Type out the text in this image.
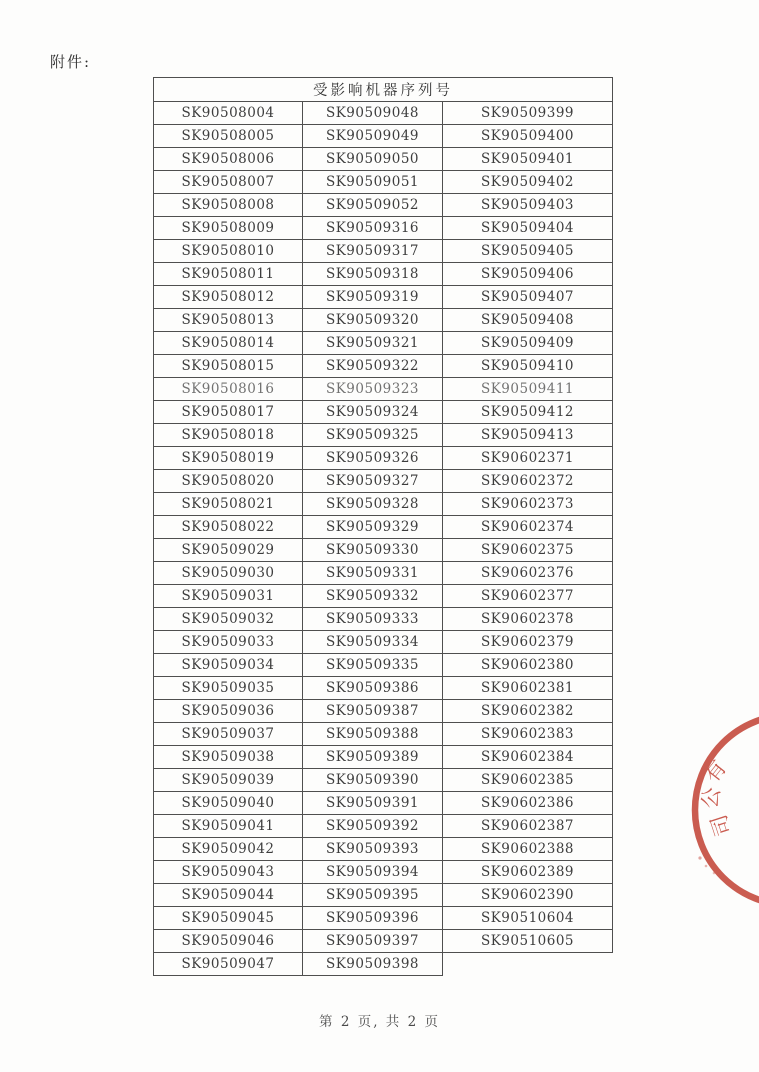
附件:
受影响机器序列号		
SK90508004	SK90509048	SK90509399
SK90508005	SK90509049	SK90509400
SK90508006	SK90509050	SK90509401
SK90508007	SK90509051	SK90509402
SK90508008	SK90509052	SK90509403
SK90508009	SK90509316	SK90509404
SK90508010	SK90509317	SK90509405
SK90508011	SK90509318	SK90509406
SK90508012	SK90509319	SK90509407
SK90508013	SK90509320	SK90509408
SK90508014	SK90509321	SK90509409
SK90508015	SK90509322	SK90509410
SK90508016	SK90509323	SK90509411
SK90508017	SK90509324	SK90509412
SK90508018	SK90509325	SK90509413
SK90508019	SK90509326	SK90602371
SK90508020	SK90509327	SK90602372
SK90508021	SK90509328	SK90602373
SK90508022	SK90509329	SK90602374
SK90509029	SK90509330	SK90602375
SK90509030	SK90509331	SK90602376
SK90509031	SK90509332	SK90602377
SK90509032	SK90509333	SK90602378
SK90509033	SK90509334	SK90602379
SK90509034	SK90509335	SK90602380
SK90509035	SK90509386	SK90602381
SK90509036	SK90509387	SK90602382
SK90509037	SK90509388	SK90602383
SK90509038	SK90509389	SK90602384
SK90509039	SK90509390	SK90602385
SK90509040	SK90509391	SK90602386
SK90509041	SK90509392	SK90602387
SK90509042	SK90509393	SK90602388
SK90509043	SK90509394	SK90602389
SK90509044	SK90509395	SK90602390
SK90509045	SK90509396	SK90510604
SK90509046	SK90509397	SK90510605
SK90509047	SK90509398	
第 2 页, 共 2 页
有
公
司
